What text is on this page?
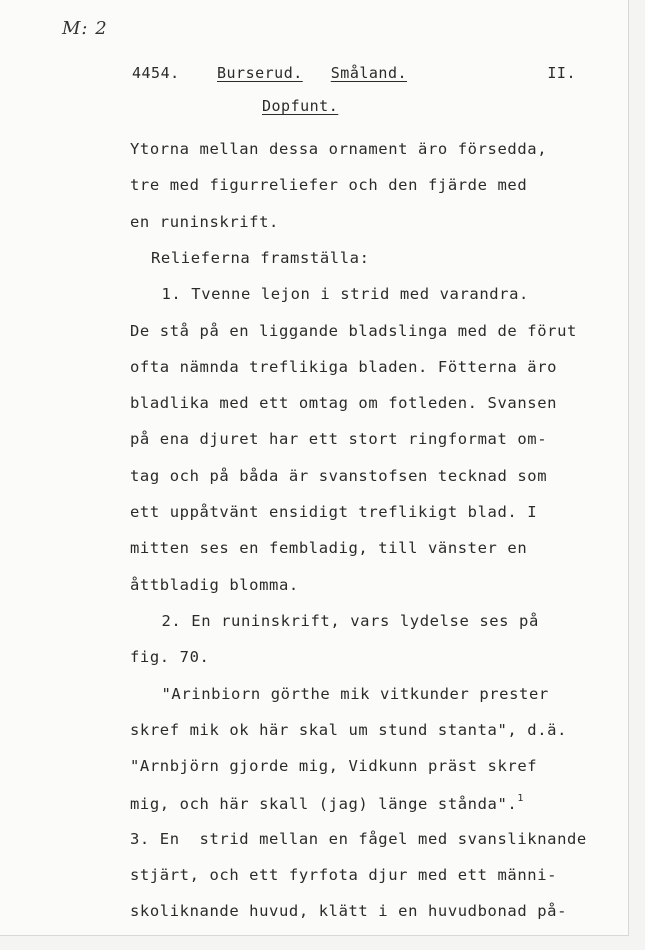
M: 2
4454. Burserud. Småland.	II.
Dopfunt.
Ytorna mellan dessa ornament äro försedda,
tre med figurreliefer och den fjärde med
en runinskrift.
Relieferna framställa:
1. Tvenne lejon i strid med varandra.
De stå på en liggande bladslinga med de förut
ofta nämnda treflikiga bladen. Fötterna äro
bladlika med ett omtag om fotleden. Svansen
på ena djuret har ett stort ringformat om-
tag och på båda är svanstofsen tecknad som
ett uppåtvänt ensidigt treflikigt blad. I
mitten ses en fembladig, till vänster en
åttbladig blomma.
2. En runinskrift, vars lydelse ses på
fig. 70.
"Arinbiorn görthe mik vitkunder prester
skref mik ok här skal um stund stanta", d.ä.
"Arnbjörn gjorde mig, Vidkunn präst skref
mig, och här skall (jag) länge stånda".$^1$
3. En  strid mellan en fågel med svansliknande
stjärt, och ett fyrfota djur med ett männi-
skoliknande huvud, klätt i en huvudbonad på-
